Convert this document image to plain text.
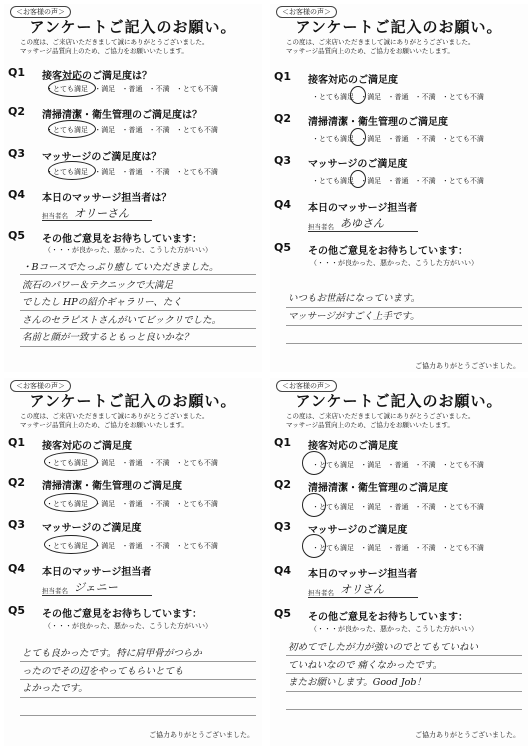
＜お客様の声＞
アンケートご記入のお願い。
この度は、ご来店いただきまして誠にありがとうございました。
マッサージ品質向上のため、ご協力をお願いいたします。
Q1 接客対応のご満足度は？
・とても満足 ・満足 ・普通 ・不満 ・とても不満
Q2 清掃清潔・衛生管理のご満足度は？
・とても満足 ・満足 ・普通 ・不満 ・とても不満
Q3 マッサージのご満足度は？
・とても満足 ・満足 ・普通 ・不満 ・とても不満
Q4 本日のマッサージ担当者は？
担当者名 オリーさん
Q5 その他ご意見をお待ちしています：
（・・・が良かった、悪かった、こうした方がいい）
・Bコースでたっぷり癒していただきました。
流石のパワー＆テクニックで大満足
でしたし HPの紹介ギャラリー、たく
さんのセラピストさんがいてビックリでした。
名前と顔が一致するともっと良いかな？
＜お客様の声＞
アンケートご記入のお願い。
この度は、ご来店いただきまして誠にありがとうございました。
マッサージ品質向上のため、ご協力をお願いいたします。
Q1 接客対応のご満足度
・とても満足 ・満足 ・普通 ・不満 ・とても不満
Q2 清掃清潔・衛生管理のご満足度
・とても満足 ・満足 ・普通 ・不満 ・とても不満
Q3 マッサージのご満足度
・とても満足 ・満足 ・普通 ・不満 ・とても不満
Q4 本日のマッサージ担当者
担当者名 あゆさん
Q5 その他ご意見をお待ちしています：
（・・・が良かった、悪かった、こうした方がいい）
いつもお世話になっています。
マッサージがすごく上手です。
ご協力ありがとうございました。
＜お客様の声＞
アンケートご記入のお願い。
この度は、ご来店いただきまして誠にありがとうございました。
マッサージ品質向上のため、ご協力をお願いいたします。
Q1 接客対応のご満足度
・とても満足 ・満足 ・普通 ・不満 ・とても不満
Q2 清掃清潔・衛生管理のご満足度
・とても満足 ・満足 ・普通 ・不満 ・とても不満
Q3 マッサージのご満足度
・とても満足 ・満足 ・普通 ・不満 ・とても不満
Q4 本日のマッサージ担当者
担当者名 ジェニー
Q5 その他ご意見をお待ちしています：
（・・・が良かった、悪かった、こうした方がいい）
とても良かったです。特に肩甲骨がつらか
ったのでその辺をやってもらいとても
よかったです。
ご協力ありがとうございました。
＜お客様の声＞
アンケートご記入のお願い。
この度は、ご来店いただきまして誠にありがとうございました。
マッサージ品質向上のため、ご協力をお願いいたします。
Q1 接客対応のご満足度
・とても満足 ・満足 ・普通 ・不満 ・とても不満
Q2 清掃清潔・衛生管理のご満足度
・とても満足 ・満足 ・普通 ・不満 ・とても不満
Q3 マッサージのご満足度
・とても満足 ・満足 ・普通 ・不満 ・とても不満
Q4 本日のマッサージ担当者
担当者名 オリさん
Q5 その他ご意見をお待ちしています：
（・・・が良かった、悪かった、こうした方がいい）
初めてでしたが力が強いのでとてもていねい
ていねいなので 痛くなかったです。
またお願いします。Good Job！
ご協力ありがとうございました。
